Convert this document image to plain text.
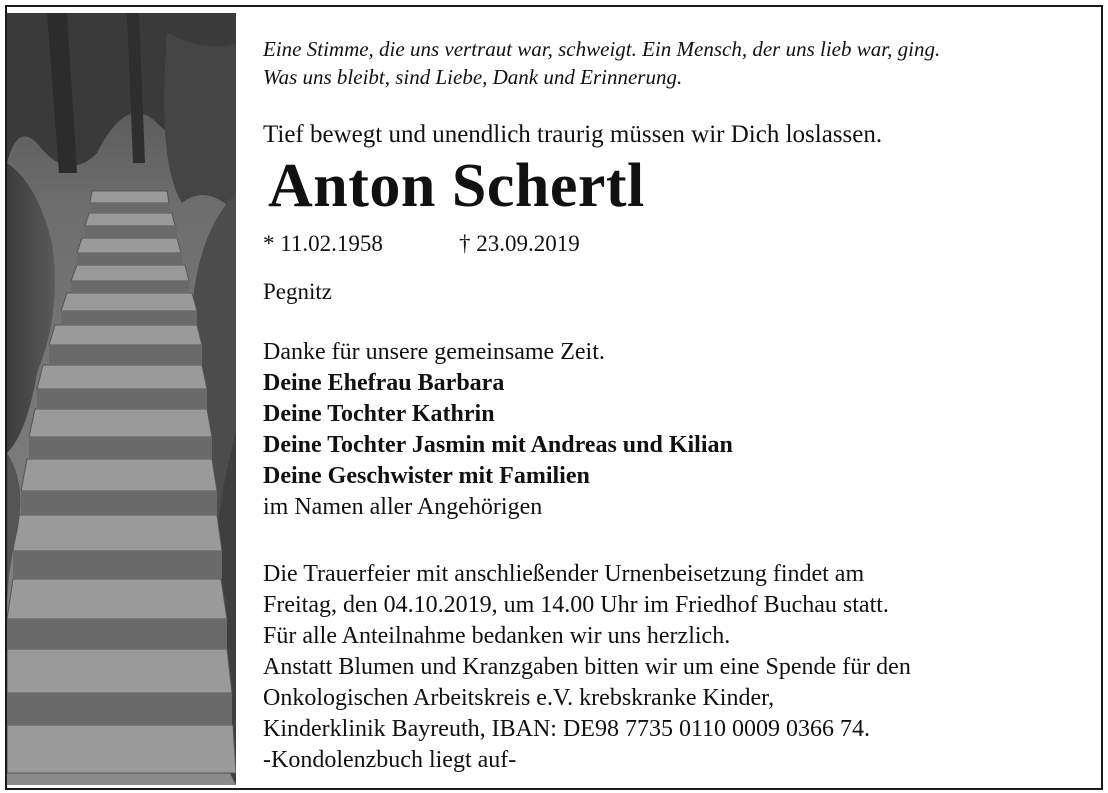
Eine Stimme, die uns vertraut war, schweigt. Ein Mensch, der uns lieb war, ging.
Was uns bleibt, sind Liebe, Dank und Erinnerung.
Tief bewegt und unendlich traurig müssen wir Dich loslassen.
Anton Schertl
* 11.02.1958	† 23.09.2019
Pegnitz
Danke für unsere gemeinsame Zeit.
Deine Ehefrau Barbara
Deine Tochter Kathrin
Deine Tochter Jasmin mit Andreas und Kilian
Deine Geschwister mit Familien
im Namen aller Angehörigen
Die Trauerfeier mit anschließender Urnenbeisetzung findet am
Freitag, den 04.10.2019, um 14.00 Uhr im Friedhof Buchau statt.
Für alle Anteilnahme bedanken wir uns herzlich.
Anstatt Blumen und Kranzgaben bitten wir um eine Spende für den
Onkologischen Arbeitskreis e.V. krebskranke Kinder,
Kinderklinik Bayreuth, IBAN: DE98 7735 0110 0009 0366 74.
-Kondolenzbuch liegt auf-
